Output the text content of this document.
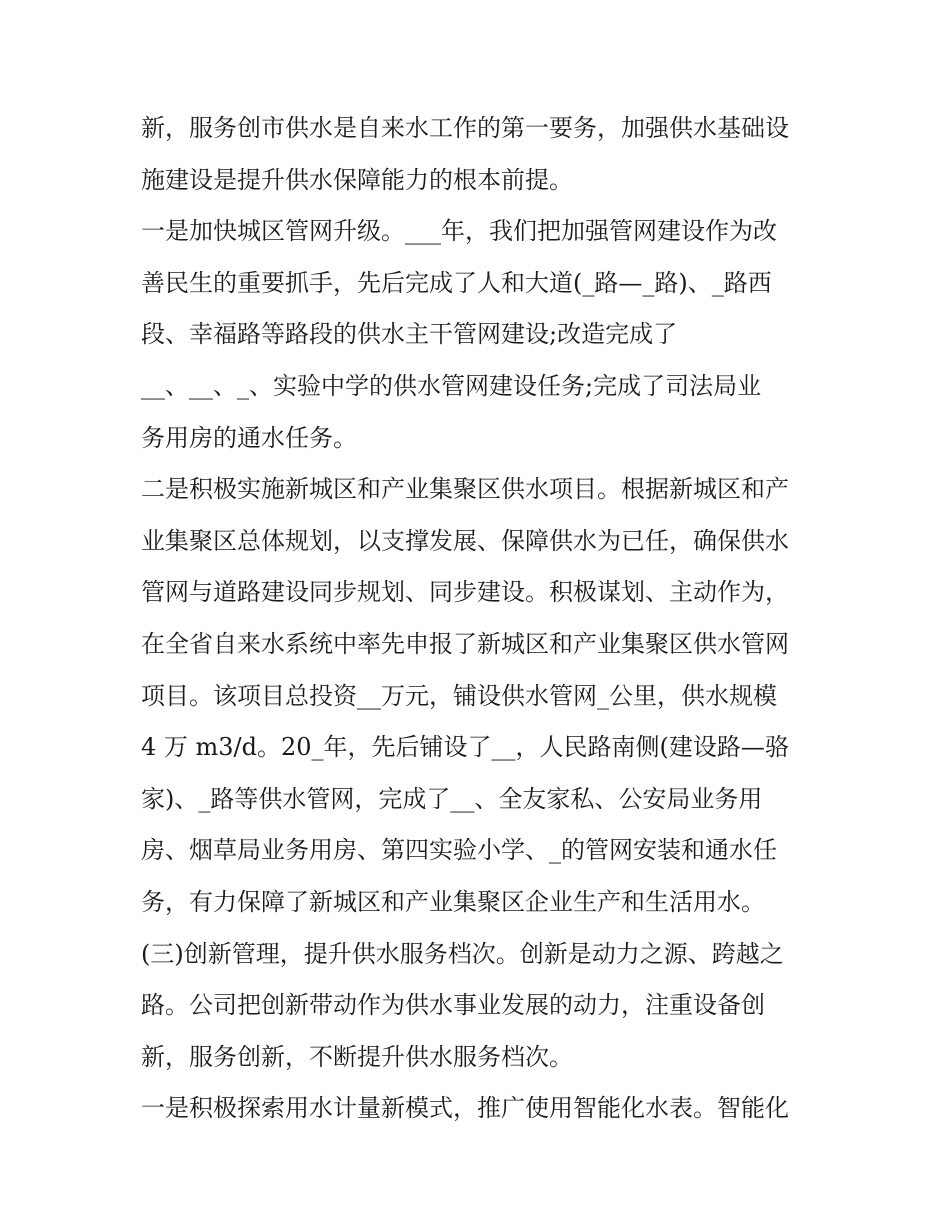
新，服务创市供水是自来水工作的第一要务，加强供水基础设
施建设是提升供水保障能力的根本前提。
一是加快城区管网升级。___年，我们把加强管网建设作为改
善民生的重要抓手，先后完成了人和大道(_路—_路)、_路西
段、幸福路等路段的供水主干管网建设;改造完成了
__、__、_、实验中学的供水管网建设任务;完成了司法局业
务用房的通水任务。
二是积极实施新城区和产业集聚区供水项目。根据新城区和产
业集聚区总体规划，以支撑发展、保障供水为已任，确保供水
管网与道路建设同步规划、同步建设。积极谋划、主动作为，
在全省自来水系统中率先申报了新城区和产业集聚区供水管网
项目。该项目总投资__万元，铺设供水管网_公里，供水规模
4 万 m3/d。20_年，先后铺设了__，人民路南侧(建设路—骆
家)、_路等供水管网，完成了__、全友家私、公安局业务用
房、烟草局业务用房、第四实验小学、_的管网安装和通水任
务，有力保障了新城区和产业集聚区企业生产和生活用水。
(三)创新管理，提升供水服务档次。创新是动力之源、跨越之
路。公司把创新带动作为供水事业发展的动力，注重设备创
新，服务创新，不断提升供水服务档次。
一是积极探索用水计量新模式，推广使用智能化水表。智能化
